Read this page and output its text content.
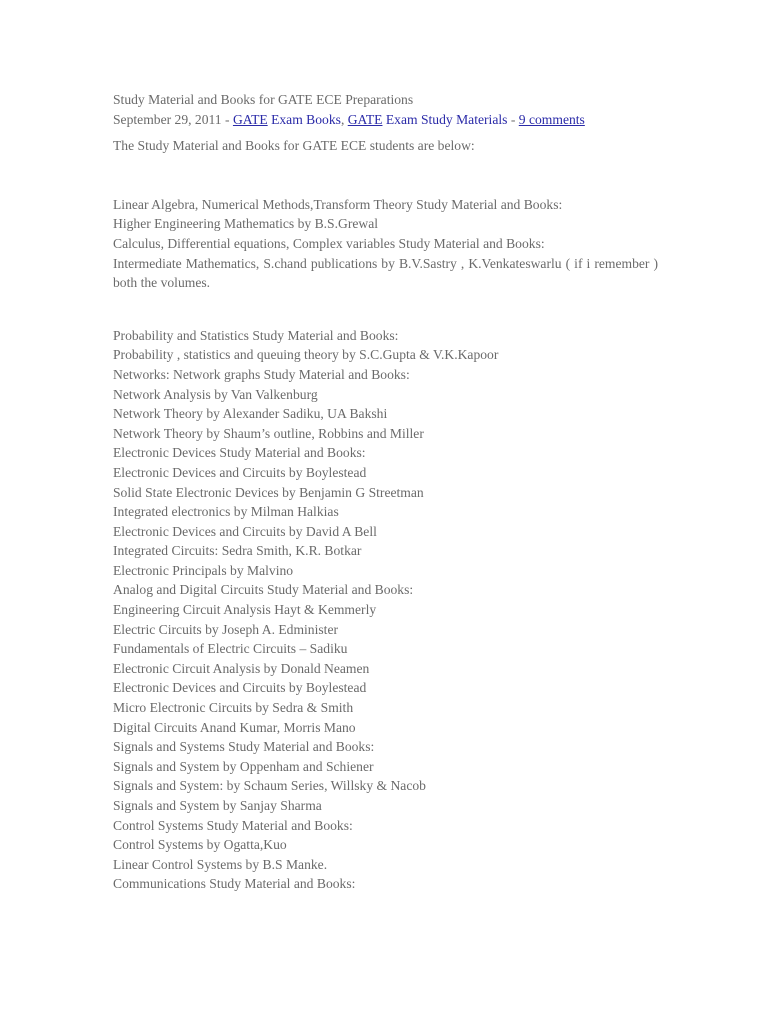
Study Material and Books for GATE ECE Preparations
September 29, 2011 - GATE Exam Books, GATE Exam Study Materials - 9 comments
The Study Material and Books for GATE ECE students are below:
Linear Algebra, Numerical Methods,Transform Theory Study Material and Books:
Higher Engineering Mathematics by B.S.Grewal
Calculus, Differential equations, Complex variables Study Material and Books:
Intermediate Mathematics, S.chand publications by B.V.Sastry , K.Venkateswarlu ( if i remember ) both the volumes.
Probability and Statistics Study Material and Books:
Probability , statistics and queuing theory by S.C.Gupta & V.K.Kapoor
Networks: Network graphs Study Material and Books:
Network Analysis by Van Valkenburg
Network Theory by Alexander Sadiku, UA Bakshi
Network Theory by Shaum’s outline, Robbins and Miller
Electronic Devices Study Material and Books:
Electronic Devices and Circuits by Boylestead
Solid State Electronic Devices by Benjamin G Streetman
Integrated electronics by Milman Halkias
Electronic Devices and Circuits by David A Bell
Integrated Circuits: Sedra Smith, K.R. Botkar
Electronic Principals by Malvino
Analog and Digital Circuits Study Material and Books:
Engineering Circuit Analysis Hayt & Kemmerly
Electric Circuits by Joseph A. Edminister
Fundamentals of Electric Circuits – Sadiku
Electronic Circuit Analysis by Donald Neamen
Electronic Devices and Circuits by Boylestead
Micro Electronic Circuits by Sedra & Smith
Digital Circuits Anand Kumar, Morris Mano
Signals and Systems Study Material and Books:
Signals and System by Oppenham and Schiener
Signals and System: by Schaum Series, Willsky & Nacob
Signals and System by Sanjay Sharma
Control Systems Study Material and Books:
Control Systems by Ogatta,Kuo
Linear Control Systems by B.S Manke.
Communications Study Material and Books:
